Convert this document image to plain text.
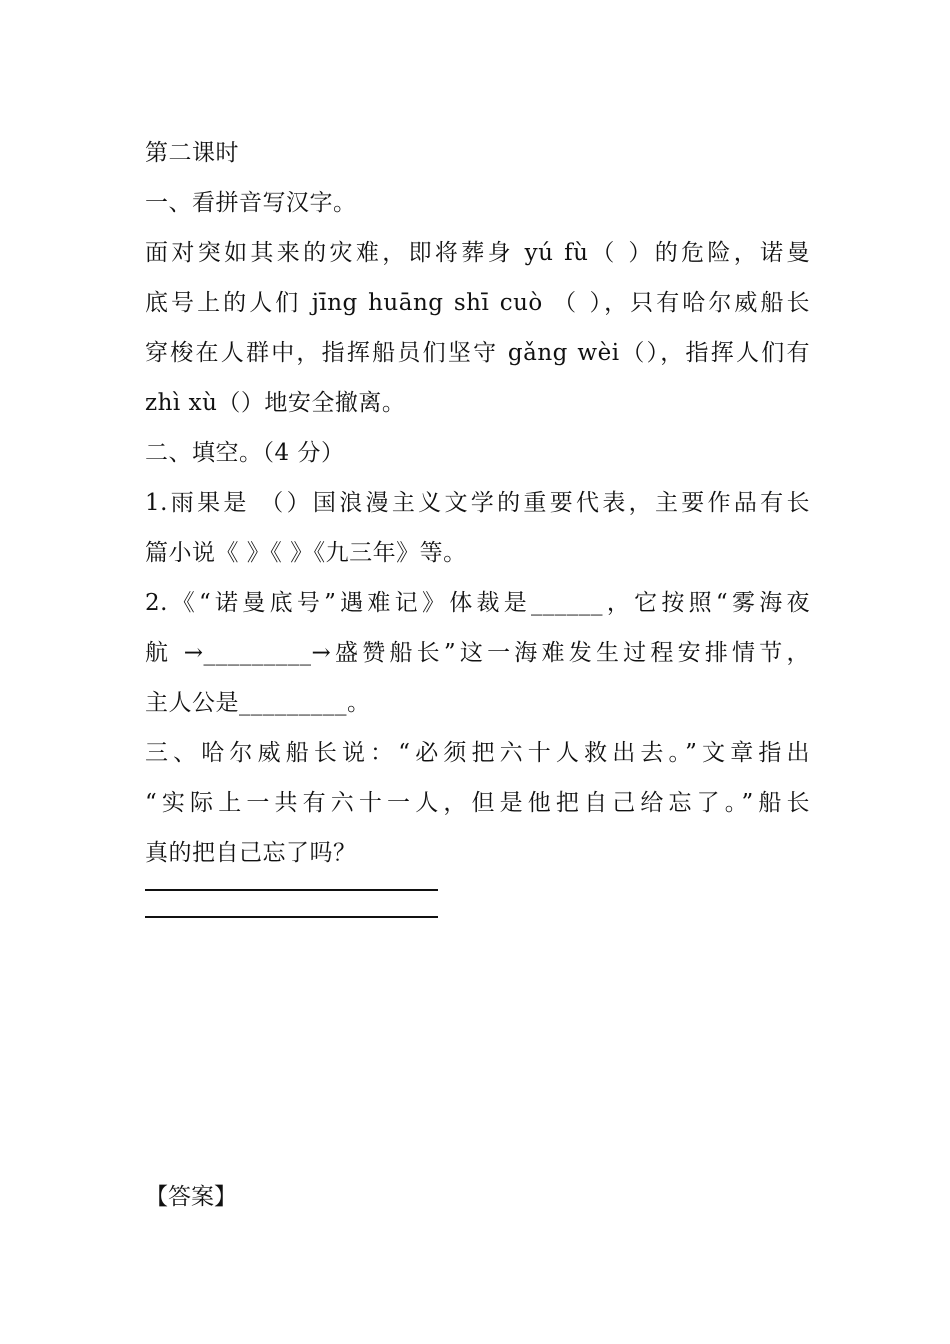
第二课时
一、看拼音写汉字。
面对突如其来的灾难，即将葬身 yú fù（ ）的危险，诺曼
底号上的人们 jīng huāng shī cuò （ ），只有哈尔威船长
穿梭在人群中，指挥船员们坚守 gǎng wèi（），指挥人们有
zhì xù（）地安全撤离。
二、填空。（4 分）
1.雨果是 （）国浪漫主义文学的重要代表，主要作品有长
篇小说《 》《 》《九三年》等。
2.《“诺曼底号”遇难记》体裁是______，它按照“雾海夜
航 →_________→盛赞船长”这一海难发生过程安排情节，
主人公是_________。
三、哈尔威船长说：“必须把六十人救出去。”文章指出
“实际上一共有六十一人，但是他把自己给忘了。”船长
真的把自己忘了吗？
【答案】
